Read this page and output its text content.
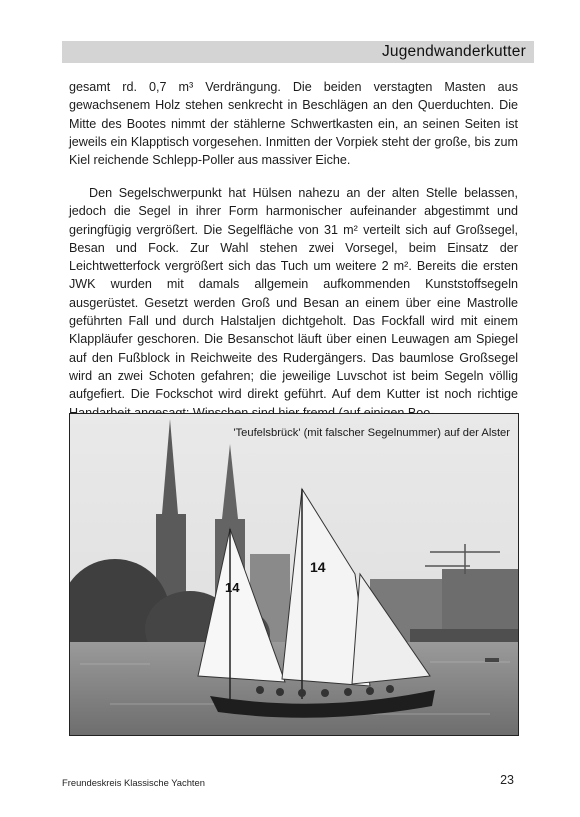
Jugendwanderkutter

gesamt rd. 0,7 m³ Verdrängung. Die beiden verstagten Masten aus gewachsenem Holz stehen senkrecht in Beschlägen an den Querduchten. Die Mitte des Bootes nimmt der stählerne Schwertkasten ein, an seinen Seiten ist jeweils ein Klapptisch vorgesehen. Inmitten der Vorpiek steht der große, bis zum Kiel reichende Schlepp-Poller aus massiver Eiche.

Den Segelschwerpunkt hat Hülsen nahezu an der alten Stelle belassen, jedoch die Segel in ihrer Form harmonischer aufeinander abgestimmt und geringfügig vergrößert. Die Segelfläche von 31 m² verteilt sich auf Großsegel, Besan und Fock. Zur Wahl stehen zwei Vorsegel, beim Einsatz der Leichtwetterfock vergrößert sich das Tuch um weitere 2 m². Bereits die ersten JWK wurden mit damals allgemein aufkommenden Kunststoffsegeln ausgerüstet. Gesetzt werden Groß und Besan an einem über eine Mastrolle geführten Fall und durch Halstaljen dichtgeholt. Das Fockfall wird mit einem Klappläufer geschoren. Die Besanschot läuft über einen Leuwagen am Spiegel auf den Fußblock in Reichweite des Rudergängers. Das baumlose Großsegel wird an zwei Schoten gefahren; die jeweilige Luvschot ist beim Segeln völlig aufgefiert. Die Fockschot wird direkt geführt. Auf dem Kutter ist noch richtige

14
14
'Teufelsbrück' (mit falscher Segelnummer) auf der Alster
Freundeskreis Klassische Yachten	23
